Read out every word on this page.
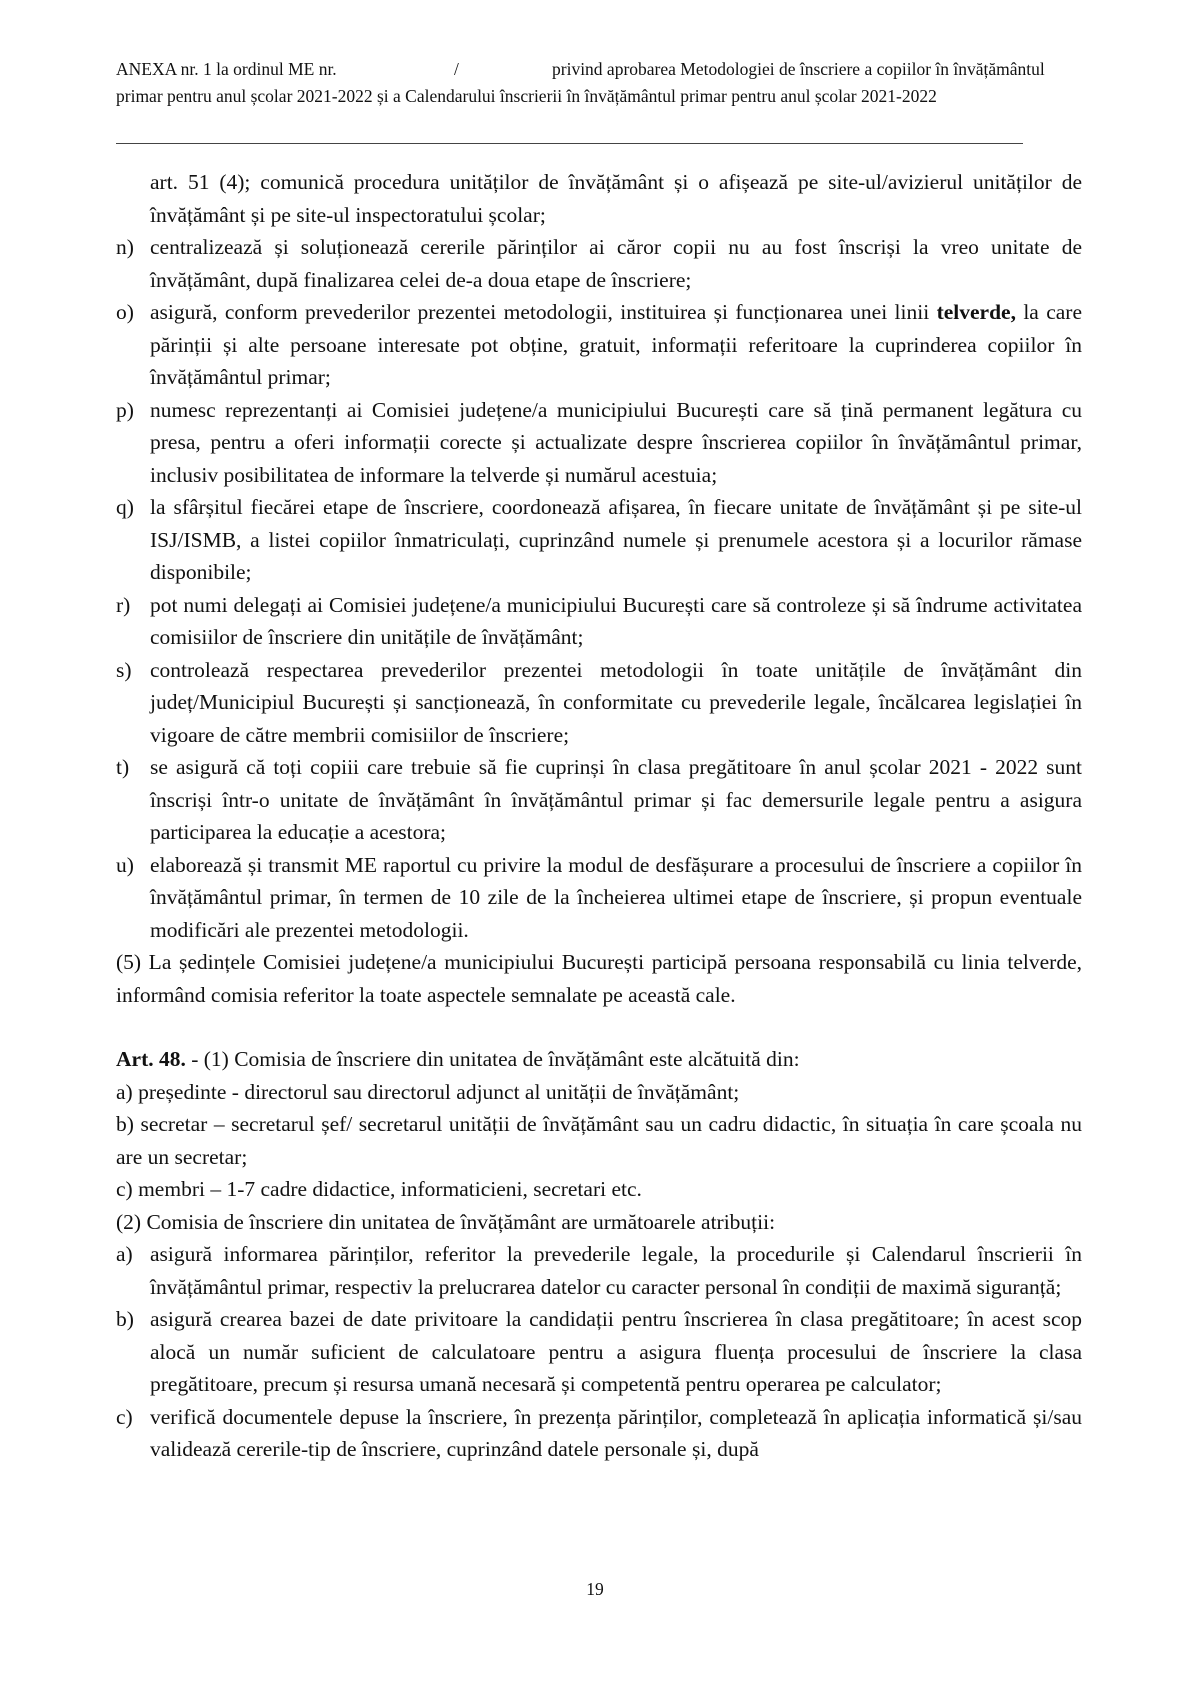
ANEXA nr. 1 la ordinul ME nr.	/	privind aprobarea Metodologiei de înscriere a copiilor în învățământul
primar pentru anul școlar 2021-2022 și a Calendarului înscrierii în învățământul primar pentru anul școlar 2021-2022
art. 51 (4); comunică procedura unităților de învățământ și o afișează pe site-ul/avizierul unităților de învățământ și pe site-ul inspectoratului școlar;
n) centralizează și soluționează cererile părinților ai căror copii nu au fost înscriși la vreo unitate de învățământ, după finalizarea celei de-a doua etape de înscriere;
o) asigură, conform prevederilor prezentei metodologii, instituirea și funcționarea unei linii telverde, la care părinții și alte persoane interesate pot obține, gratuit, informații referitoare la cuprinderea copiilor în învățământul primar;
p) numesc reprezentanți ai Comisiei județene/a municipiului București care să țină permanent legătura cu presa, pentru a oferi informații corecte și actualizate despre înscrierea copiilor în învățământul primar, inclusiv posibilitatea de informare la telverde și numărul acestuia;
q) la sfârșitul fiecărei etape de înscriere, coordonează afișarea, în fiecare unitate de învățământ și pe site-ul ISJ/ISMB, a listei copiilor înmatriculați, cuprinzând numele și prenumele acestora și a locurilor rămase disponibile;
r) pot numi delegați ai Comisiei județene/a municipiului București care să controleze și să îndrume activitatea comisiilor de înscriere din unitățile de învățământ;
s) controlează respectarea prevederilor prezentei metodologii în toate unitățile de învățământ din județ/Municipiul București și sancționează, în conformitate cu prevederile legale, încălcarea legislației în vigoare de către membrii comisiilor de înscriere;
t) se asigură că toți copiii care trebuie să fie cuprinși în clasa pregătitoare în anul școlar 2021 - 2022 sunt înscriși într-o unitate de învățământ în învățământul primar și fac demersurile legale pentru a asigura participarea la educație a acestora;
u) elaborează și transmit ME raportul cu privire la modul de desfășurare a procesului de înscriere a copiilor în învățământul primar, în termen de 10 zile de la încheierea ultimei etape de înscriere, și propun eventuale modificări ale prezentei metodologii.
(5) La ședințele Comisiei județene/a municipiului București participă persoana responsabilă cu linia telverde, informând comisia referitor la toate aspectele semnalate pe această cale.
Art. 48. - (1) Comisia de înscriere din unitatea de învățământ este alcătuită din:
a) președinte - directorul sau directorul adjunct al unității de învățământ;
b) secretar – secretarul șef/ secretarul unității de învățământ sau un cadru didactic, în situația în care școala nu are un secretar;
c) membri – 1-7 cadre didactice, informaticieni, secretari etc.
(2) Comisia de înscriere din unitatea de învățământ are următoarele atribuții:
a) asigură informarea părinților, referitor la prevederile legale, la procedurile și Calendarul înscrierii în învățământul primar, respectiv la prelucrarea datelor cu caracter personal în condiții de maximă siguranță;
b) asigură crearea bazei de date privitoare la candidații pentru înscrierea în clasa pregătitoare; în acest scop alocă un număr suficient de calculatoare pentru a asigura fluența procesului de înscriere la clasa pregătitoare, precum și resursa umană necesară și competentă pentru operarea pe calculator;
c) verifică documentele depuse la înscriere, în prezența părinților, completează în aplicația informatică și/sau validează cererile-tip de înscriere, cuprinzând datele personale și, după
19
